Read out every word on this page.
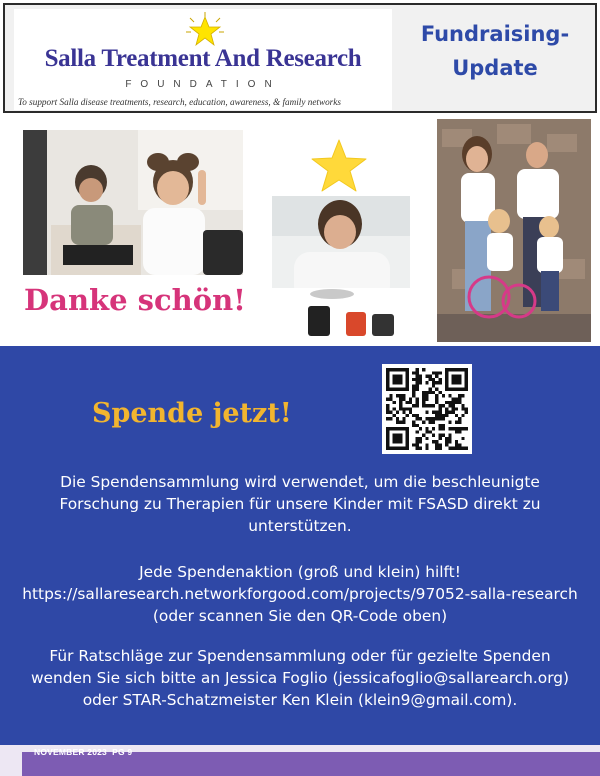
Salla Treatment And Research
FOUNDATION
To support Salla disease treatments, research, education, awareness, & family networks
Fundraising-
Update
Danke schön!
Spende jetzt!
Die Spendensammlung wird verwendet, um die beschleunigte Forschung zu Therapien für unsere Kinder mit FSASD direkt zu unterstützen.
Jede Spendenaktion (groß und klein) hilft! https://sallaresearch.networkforgood.com/projects/97052-salla-research (oder scannen Sie den QR-Code oben)
Für Ratschläge zur Spendensammlung oder für gezielte Spenden wenden Sie sich bitte an Jessica Foglio (jessicafoglio@sallarearch.org) oder STAR-Schatzmeister Ken Klein (klein9@gmail.com).
NOVEMBER 2023 PG 9
